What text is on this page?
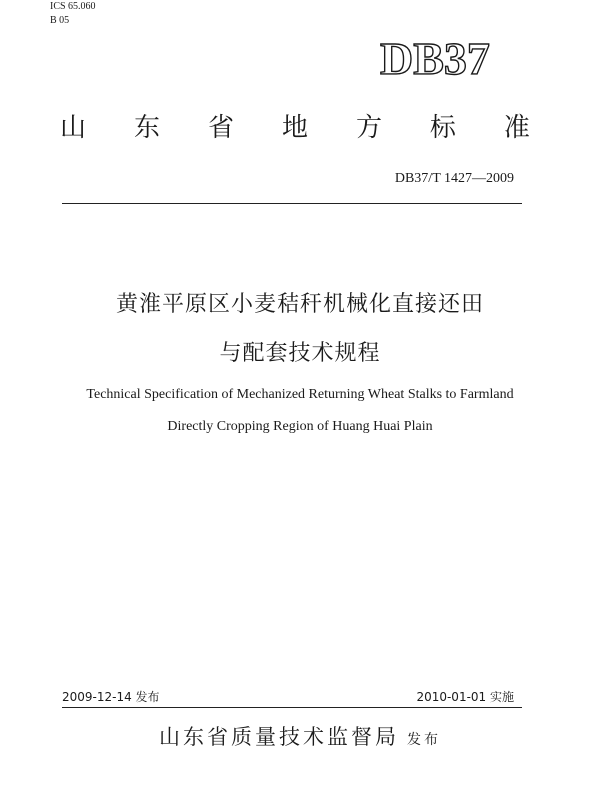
ICS 65.060
B 05
DB37
山 东 省 地 方 标 准
DB37/T 1427—2009
黄淮平原区小麦秸秆机械化直接还田
与配套技术规程
Technical Specification of Mechanized Returning Wheat Stalks to Farmland
Directly Cropping Region of Huang Huai Plain
2009-12-14 发布	2010-01-01 实施
山东省质量技术监督局 发布
